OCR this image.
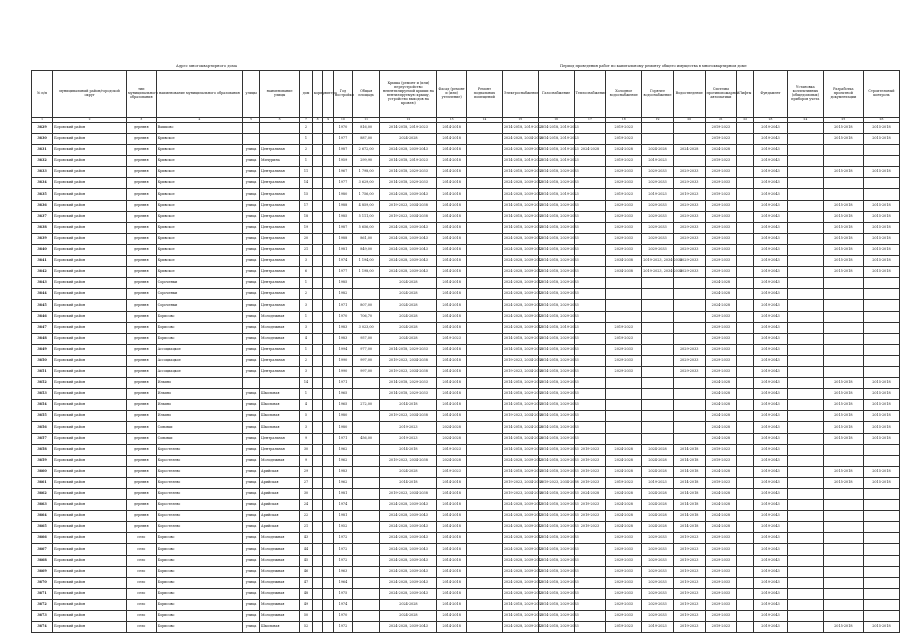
Адрес многоквартирного дома	Период проведения работ по капитальному ремонту общего имущества в многоквартирном доме
№ п/п	муниципальный район/городской округ	тип муниципального образования	наименование муниципального образования	улицы	наименование улицы	дом	корпус	литера	Год постройки	Общая площадь	Крыша (ремонт и (или) переустройство невентилируемой крыши на вентилируемую крышу, устройство выходов на кровлю)	Фасад (ремонт и (или) утепление)	Ремонт подвальных помещений	Электроснабжение	Газоснабжение	Теплоснабжение	Холодное водоснабжение	Горячее водоснабжение	Водоотведение	Системы противопожарной автоматики	Лифты	Фундамент	Установка коллективных (общедомовых) приборов учета	Разработка проектной документации	Строительный контроль
1	2	3	4	5	6	7	8	9	10	11	12	13	14	15	16	17	18	19	20	21	22	23	24	25	26
3629	Боровский район	деревня	Вашково			2			1970	816,00	2014-2018, 2019-2023	2014-2018		2014-2018, 2019-2023	2014-2018, 2019-2023		2019-2023			2019-2023		2019-2043		2015-2018	2015-2018
3630	Боровский район	деревня	Кривское			1			1977	887,00	2024-2028	2014-2018		2024-2028, 2034-2038	2014-2018, 2019-2023		2019-2023			2019-2023		2019-2043		2015-2018	2015-2018
3631	Боровский район	деревня	Кривское	улица	Центральная	2			1987	2 672,00	2024-2028, 2039-2043	2014-2018		2024-2028, 2039-2043	2014-2018, 2019-2023	2024-2028	2024-2028	2024-2028	2024-2028	2024-2028		2019-2043			
3632	Боровский район	деревня	Кривское	улица	Мичурина	1			1959	299,90	2014-2018, 2019-2023	2014-2018		2014-2018, 2019-2023	2014-2018, 2019-2023		2019-2023	2019-2023		2019-2023		2019-2043			
3633	Боровский район	деревня	Кривское	улица	Центральная	11			1967	1 798,00	2014-2018, 2029-2033	2014-2018		2014-2018, 2029-2033	2014-2018, 2029-2033		2029-2033	2029-2033	2029-2033	2029-2033		2019-2043		2015-2018	2015-2018
3634	Боровский район	деревня	Кривское	улица	Центральная	14			1977	3 629,00	2014-2018, 2029-2033	2014-2018		2024-2028, 2039-2043	2014-2018, 2029-2033		2029-2033	2029-2033	2029-2033	2029-2033		2019-2043			
3635	Боровский район	деревня	Кривское	улица	Центральная	15			1980	1 756,00	2024-2028, 2039-2043	2014-2018		2024-2028, 2039-2043	2014-2018, 2019-2023		2019-2023	2019-2023	2019-2023	2019-2023		2019-2043			
3636	Боровский район	деревня	Кривское	улица	Центральная	17			1988	4 859,00	2019-2023, 2034-2038	2014-2018		2014-2018, 2029-2033	2014-2018, 2029-2033		2029-2033	2029-2033	2029-2033	2029-2033		2019-2043		2015-2018	2015-2018
3637	Боровский район	деревня	Кривское	улица	Центральная	18			1985	5 111,00	2019-2023, 2034-2038	2014-2018		2014-2018, 2029-2033	2014-2018, 2029-2033		2029-2033	2029-2033	2029-2033	2029-2033		2019-2043		2015-2018	2015-2018
3638	Боровский район	деревня	Кривское	улица	Центральная	19			1987	5 656,00	2024-2028, 2039-2043	2014-2018		2014-2018, 2029-2033	2014-2018, 2029-2033		2029-2033	2029-2033	2029-2033	2029-2033		2019-2043		2015-2018	2015-2018
3639	Боровский район	деревня	Кривское	улица	Центральная	20			1988	861,00	2024-2028, 2039-2043	2014-2018		2024-2028, 2039-2043	2014-2018, 2029-2033		2029-2033	2029-2033	2029-2033	2029-2033		2019-2043		2015-2018	2015-2018
3640	Боровский район	деревня	Кривское	улица	Центральная	21			1981	849,00	2024-2028, 2039-2043	2014-2018		2024-2028, 2039-2043	2014-2018, 2029-2033		2029-2033	2029-2033	2029-2033	2029-2033		2019-2043		2015-2018	2015-2018
3641	Боровский район	деревня	Кривское	улица	Центральная	3			1974	1 194,00	2024-2028, 2039-2043	2014-2018		2024-2028, 2039-2043	2014-2018, 2029-2033		2034-2038	2019-2023, 2034-2038	2029-2033	2029-2033		2019-2043		2015-2018	2015-2018
3642	Боровский район	деревня	Кривское	улица	Центральная	6			1977	1 198,00	2024-2028, 2039-2043	2014-2018		2024-2028, 2039-2043	2014-2018, 2029-2033		2034-2038	2019-2023, 2034-2038	2029-2033	2029-2033		2019-2043		2015-2018	2015-2018
3643	Боровский район	деревня	Сороченки	улица	Центральная	1			1985		2024-2028	2014-2018		2024-2028, 2039-2043	2014-2018, 2029-2033					2024-2028		2019-2043			
3644	Боровский район	деревня	Сороченки	улица	Центральная	2			1982		2024-2028	2014-2018		2024-2028, 2039-2043	2014-2018, 2029-2033					2024-2028		2019-2043			
3645	Боровский район	деревня	Сороченки	улица	Центральная	3			1971	807,00	2024-2028	2014-2018		2024-2028, 2039-2043	2014-2018, 2029-2033					2024-2028		2019-2043			
3646	Боровский район	деревня	Борисово	улица	Молодежная	1			1970	706,70	2024-2028	2014-2018		2024-2028, 2039-2043	2014-2018, 2029-2033					2029-2033		2019-2043			
3647	Боровский район	деревня	Борисово	улица	Молодежная	3			1983	3 023,00	2024-2028	2014-2018		2024-2028, 2039-2043	2014-2018, 2019-2023		2019-2023			2029-2033		2019-2043			
3648	Боровский район	деревня	Борисово	улица	Молодежная	4			1983	957,00	2024-2028	2019-2023		2014-2018, 2029-2033	2014-2018, 2029-2033		2019-2023			2029-2033		2019-2043			
3649	Боровский район	деревня	Ассоциацкое	улица	Центральная	1			1994	977,00	2014-2018, 2029-2033	2014-2018		2014-2018, 2029-2033	2014-2018, 2029-2033		2029-2033		2029-2033	2029-2033		2019-2043			
3650	Боровский район	деревня	Ассоциацкое	улица	Центральная	2			1990	997,00	2019-2023, 2034-2038	2014-2018		2019-2023, 2034-2038	2014-2018, 2029-2033		2029-2033		2029-2033	2029-2033		2019-2043			
3651	Боровский район	деревня	Ассоциацкое	улица	Центральная	3			1990	997,00	2019-2023, 2034-2038	2014-2018		2019-2023, 2034-2038	2014-2018, 2029-2033		2029-2033		2029-2033	2029-2033		2019-2043			
3652	Боровский район	деревня	Ильино			14			1971		2014-2018, 2029-2033	2014-2018		2014-2018, 2029-2033	2014-2018, 2029-2033					2024-2028		2019-2043		2015-2018	2015-2018
3653	Боровский район	деревня	Ильино	улица	Школьная	1			1965		2014-2018, 2029-2033	2014-2018		2014-2018, 2029-2033	2014-2018, 2029-2033					2024-2028		2019-2043		2015-2018	2015-2018
3654	Боровский район	деревня	Ильино	улица	Школьная	4			1965	272,00	2014-2018	2014-2018		2014-2018, 2029-2033	2014-2018, 2029-2033					2024-2028		2019-2043		2015-2018	2015-2018
3655	Боровский район	деревня	Ильино	улица	Школьная	5			1980		2019-2023, 2034-2038	2014-2018		2019-2023, 2034-2038	2014-2018, 2029-2033					2024-2028		2019-2043		2015-2018	2015-2018
3656	Боровский район	деревня	Совьяки	улица	Школьная	3			1980		2019-2023	2024-2028		2014-2018, 2024-2028	2014-2018, 2029-2033					2024-2028		2019-2043		2015-2018	2015-2018
3657	Боровский район	деревня	Совьяки	улица	Центральная	9			1971	456,00	2019-2023	2024-2028		2014-2018, 2024-2028	2014-2018, 2029-2033					2024-2028		2019-2043		2015-2018	2015-2018
3658	Боровский район	деревня	Коростелево	улица	Центральная	30			1962		2014-2018	2019-2023		2014-2018, 2029-2033	2014-2018, 2029-2033	2019-2023	2024-2028	2024-2028	2014-2018	2019-2023		2019-2043			
3659	Боровский район	деревня	Коростелево	улица	Молодежная	9			1962		2019-2023, 2034-2038	2024-2028		2024-2028, 2039-2043	2014-2018, 2029-2033	2019-2023	2024-2028	2024-2028	2014-2018	2019-2023		2019-2043			
3660	Боровский район	деревня	Коростелево	улица	Арийская	29			1983		2024-2028	2019-2023		2014-2018, 2029-2033	2014-2018, 2029-2033	2019-2023	2024-2028	2024-2028	2014-2018	2024-2028		2019-2043		2015-2018	2015-2018
3661	Боровский район	деревня	Коростелево	улица	Арийская	27			1962		2014-2018	2014-2018		2019-2023, 2034-2038	2019-2023, 2034-2038	2019-2023	2019-2023	2019-2023	2014-2018	2019-2023		2019-2043		2015-2018	2015-2018
3662	Боровский район	деревня	Коростелево	улица	Арийская	30			1981		2019-2023, 2034-2038	2014-2018		2019-2023, 2034-2038	2014-2018, 2029-2033	2024-2028	2024-2028	2024-2028	2014-2018	2024-2028		2019-2043			
3663	Боровский район	деревня	Коростелево	улица	Арийская	24			1974		2024-2028, 2039-2043	2014-2018		2024-2028, 2039-2043	2014-2018, 2029-2033	2019-2023	2024-2028	2024-2028	2014-2018	2024-2028		2019-2043			
3664	Боровский район	деревня	Коростелево	улица	Арийская	22			1981		2024-2028, 2039-2043	2014-2018		2024-2028, 2039-2043	2014-2018, 2029-2033	2019-2023	2024-2028	2024-2028	2014-2018	2024-2028		2019-2043			
3665	Боровский район	деревня	Коростелево	улица	Арийская	21			1952		2024-2028, 2039-2043	2014-2018		2024-2028, 2039-2043	2014-2018, 2029-2033	2019-2023	2024-2028	2024-2028	2014-2018	2024-2028		2019-2043			
3666	Боровский район	село	Борисово	улица	Молодежная	43			1972		2024-2028, 2039-2043	2014-2018		2024-2028, 2039-2043	2014-2018, 2029-2033		2029-2033	2029-2033	2019-2023	2029-2033		2019-2043			
3667	Боровский район	село	Борисово	улица	Молодежная	44			1972		2024-2028, 2039-2043	2014-2018		2024-2028, 2039-2043	2014-2018, 2029-2033		2029-2033	2029-2033	2019-2023	2029-2033		2019-2043			
3668	Боровский район	село	Борисово	улица	Молодежная	45			1972		2024-2028, 2039-2043	2014-2018		2024-2028, 2039-2043	2014-2018, 2029-2033		2029-2033	2029-2033	2019-2023	2029-2033		2019-2043			
3669	Боровский район	село	Борисово	улица	Молодежная	46			1963		2024-2028, 2039-2043	2014-2018		2024-2028, 2039-2043	2014-2018, 2029-2033		2029-2033	2029-2033	2019-2023	2029-2033		2019-2043			
3670	Боровский район	село	Борисово	улица	Молодежная	47			1964		2024-2028, 2039-2043	2014-2018		2024-2028, 2039-2043	2014-2018, 2029-2033		2029-2033	2029-2033	2019-2023	2029-2033		2019-2043			
3671	Боровский район	село	Борисово	улица	Молодежная	48			1975		2024-2028, 2039-2043	2014-2018		2024-2028, 2039-2043	2014-2018, 2029-2033		2029-2033	2029-2033	2019-2023	2029-2033		2019-2043			
3672	Боровский район	село	Борисово	улица	Молодежная	49			1974		2024-2028	2014-2018		2014-2018, 2029-2033	2014-2018, 2029-2033		2029-2033	2029-2033	2019-2023	2029-2033		2019-2043			
3673	Боровский район	село	Борисово	улица	Молодежная	50			1970		2024-2028	2014-2018		2014-2018, 2029-2033	2014-2018, 2029-2033		2029-2033	2029-2033	2019-2023	2029-2033		2019-2043			
3674	Боровский район	село	Борисово	улица	Школьная	52			1972		2024-2028, 2039-2043	2014-2018		2024-2028, 2039-2043	2014-2018, 2029-2033		2019-2023	2019-2023	2019-2023	2019-2023		2019-2043		2015-2018	2015-2018
